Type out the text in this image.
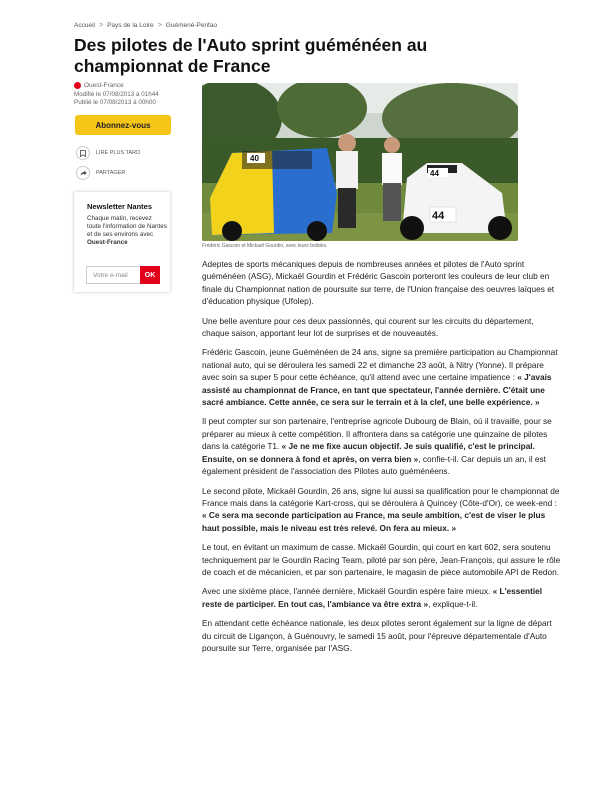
Accueil > Pays de la Loire > Guémené-Penfao
Des pilotes de l'Auto sprint guéménéen au championnat de France
Ouest-France
Modifié le 07/08/2013 à 01h44
Publié le 07/08/2013 à 00h00
Abonnez-vous
LIRE PLUS TARD
PARTAGER
Newsletter Nantes
Chaque matin, recevez toute l'information de Nantes et de ses environs avec Ouest-France
Votre e-mail	OK
40
44
44
Frédéric Gascoin et Mickaël Gourdin, avec leurs bolides.

Adeptes de sports mécaniques depuis de nombreuses années et pilotes de l'Auto sprint guéménéen (ASG), Mickaël Gourdin et Frédéric Gascoin porteront les couleurs de leur club en finale du Championnat nation de poursuite sur terre, de l'Union française des oeuvres laïques et d'éducation physique (Ufolep).

Une belle aventure pour ces deux passionnés, qui courent sur les circuits du département, chaque saison, apportant leur lot de surprises et de nouveautés.

Frédéric Gascoin, jeune Guéménéen de 24 ans, signe sa première participation au Championnat national auto, qui se déroulera les samedi 22 et dimanche 23 août, à Nitry (Yonne). Il prépare avec soin sa super 5 pour cette échéance, qu'il attend avec une certaine impatience : « J'avais assisté au championnat de France, en tant que spectateur, l'année dernière. C'était une sacré ambiance. Cette année, ce sera sur le terrain et à la clef, une belle expérience. »

Il peut compter sur son partenaire, l'entreprise agricole Dubourg de Blain, où il travaille, pour se préparer au mieux à cette compétition. Il affrontera dans sa catégorie une quinzaine de pilotes dans la catégorie T1. « Je ne me fixe aucun objectif. Je suis qualifié, c'est le principal. Ensuite, on se donnera à fond et après, on verra bien », confie-t-il. Car depuis un an, il est également président de l'association des Pilotes auto guéménéens.

Le second pilote, Mickaël Gourdin, 26 ans, signe lui aussi sa qualification pour le championnat de France mais dans la catégorie Kart-cross, qui se déroulera à Quincey (Côte-d'Or), ce week-end : « Ce sera ma seconde participation au France, ma seule ambition, c'est de viser le plus haut possible, mais le niveau est très relevé. On fera au mieux. »

Le tout, en évitant un maximum de casse. Mickaël Gourdin, qui court en kart 602, sera soutenu techniquement par le Gourdin Racing Team, piloté par son père, Jean-François, qui assure le rôle de coach et de mécanicien, et par son partenaire, le magasin de pièce automobile API de Redon.

Avec une sixième place, l'année dernière, Mickaël Gourdin espère faire mieux. « L'essentiel reste de participer. En tout cas, l'ambiance va être extra », explique-t-il.

En attendant cette échéance nationale, les deux pilotes seront également sur la ligne de départ du circuit de Ligançon, à Guénouvry, le samedi 15 août, pour l'épreuve départementale d'Auto poursuite sur Terre, organisée par l'ASG.
